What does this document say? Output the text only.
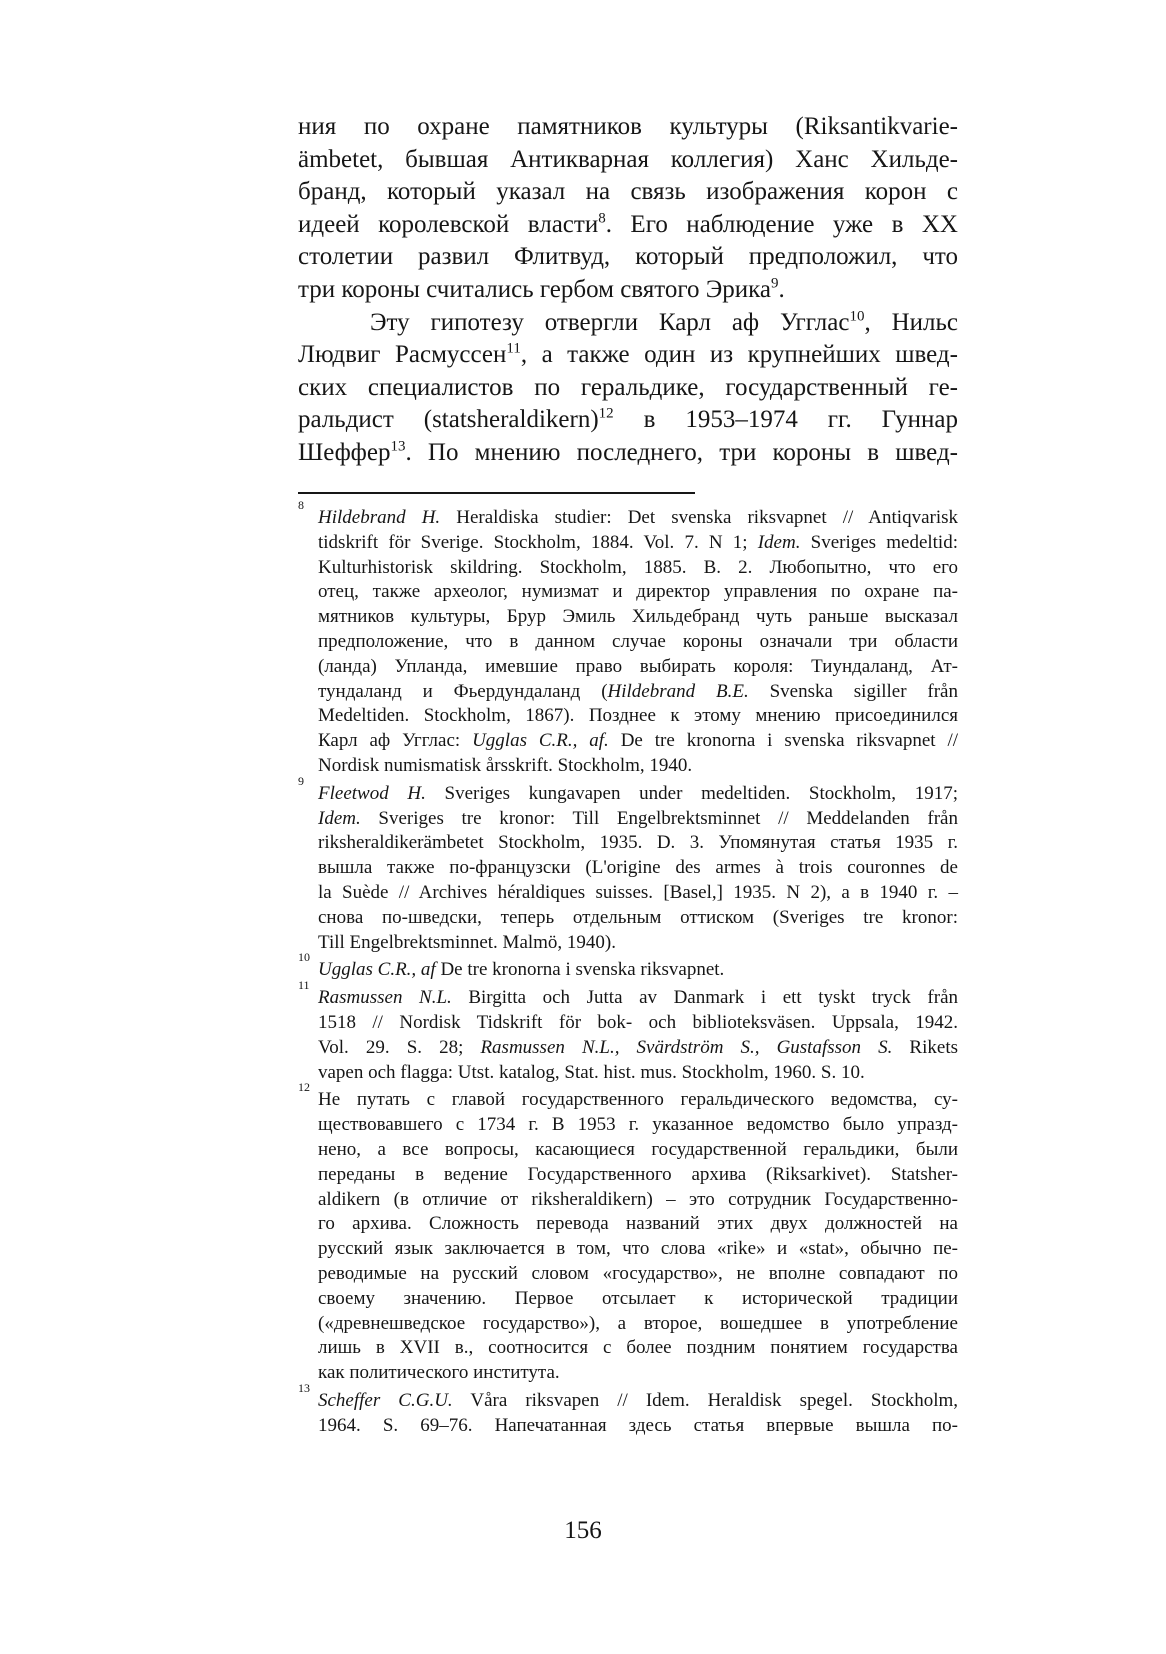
ния по охране памятников культуры (Riksantikvarie-
ämbetet, бывшая Антикварная коллегия) Ханс Хильде-
бранд, который указал на связь изображения корон с
идеей королевской власти$^8$. Его наблюдение уже в XX
столетии развил Флитвуд, который предположил, что
три короны считались гербом святого Эрика$^9$.
Эту гипотезу отвергли Карл аф Угглас$^{10}$, Нильс
Людвиг Расмуссен$^{11}$, а также один из крупнейших швед-
ских специалистов по геральдике, государственный ге-
ральдист (statsheraldikern)$^{12}$ в 1953–1974 гг. Гуннар
Шеффер$^{13}$. По мнению последнего, три короны в швед-
8
Hildebrand H. Heraldiska studier: Det svenska riksvapnet // Antiqvarisk
tidskrift för Sverige. Stockholm, 1884. Vol. 7. N 1; Idem. Sveriges medeltid:
Kulturhistorisk skildring. Stockholm, 1885. B. 2. Любопытно, что его
отец, также археолог, нумизмат и директор управления по охране па-
мятников культуры, Брур Эмиль Хильдебранд чуть раньше высказал
предположение, что в данном случае короны означали три области
(ланда) Упланда, имевшие право выбирать короля: Тиундаланд, Ат-
тундаланд и Фьердундаланд (Hildebrand B.E. Svenska sigiller från
Medeltiden. Stockholm, 1867). Позднее к этому мнению присоединился
Карл аф Угглас: Ugglas C.R., af. De tre kronorna i svenska riksvapnet //
Nordisk numismatisk årsskrift. Stockholm, 1940.
9
Fleetwod H. Sveriges kungavapen under medeltiden. Stockholm, 1917;
Idem. Sveriges tre kronor: Till Engelbrektsminnet // Meddelanden från
riksheraldikerämbetet Stockholm, 1935. D. 3. Упомянутая статья 1935 г.
вышла также по-французски (L'origine des armes à trois couronnes de
la Suède // Archives héraldiques suisses. [Basel,] 1935. N 2), а в 1940 г. –
снова по-шведски, теперь отдельным оттиском (Sveriges tre kronor:
Till Engelbrektsminnet. Malmö, 1940).
10
Ugglas C.R., af De tre kronorna i svenska riksvapnet.
11
Rasmussen N.L. Birgitta och Jutta av Danmark i ett tyskt tryck från
1518 // Nordisk Tidskrift för bok- och biblioteksväsen. Uppsala, 1942.
Vol. 29. S. 28; Rasmussen N.L., Svärdström S., Gustafsson S. Rikets
vapen och flagga: Utst. katalog, Stat. hist. mus. Stockholm, 1960. S. 10.
12
Не путать с главой государственного геральдического ведомства, су-
ществовавшего с 1734 г. В 1953 г. указанное ведомство было упразд-
нено, а все вопросы, касающиеся государственной геральдики, были
переданы в ведение Государственного архива (Riksarkivet). Statsher-
aldikern (в отличие от riksheraldikern) – это сотрудник Государственно-
го архива. Сложность перевода названий этих двух должностей на
русский язык заключается в том, что слова «rike» и «stat», обычно пе-
реводимые на русский словом «государство», не вполне совпадают по
своему значению. Первое отсылает к исторической традиции
(«древнешведское государство»), а второе, вошедшее в употребление
лишь в XVII в., соотносится с более поздним понятием государства
как политического института.
13
Scheffer C.G.U. Våra riksvapen // Idem. Heraldisk spegel. Stockholm,
1964. S. 69–76. Напечатанная здесь статья впервые вышла по-
156
